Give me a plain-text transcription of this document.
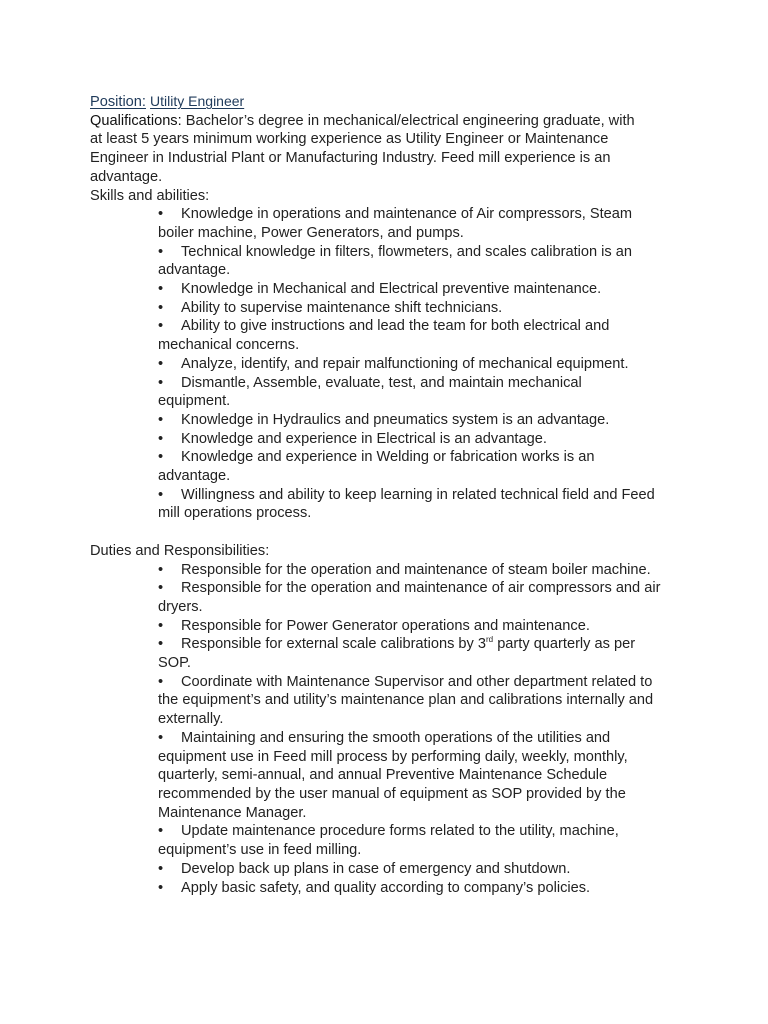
Position: Utility Engineer
Qualifications: Bachelor’s degree in mechanical/electrical engineering graduate, with
at least 5 years minimum working experience as Utility Engineer or Maintenance
Engineer in Industrial Plant or Manufacturing Industry. Feed mill experience is an
advantage.
Skills and abilities:
• Knowledge in operations and maintenance of Air compressors, Steam
boiler machine, Power Generators, and pumps.
• Technical knowledge in filters, flowmeters, and scales calibration is an
advantage.
• Knowledge in Mechanical and Electrical preventive maintenance.
• Ability to supervise maintenance shift technicians.
• Ability to give instructions and lead the team for both electrical and
mechanical concerns.
• Analyze, identify, and repair malfunctioning of mechanical equipment.
• Dismantle, Assemble, evaluate, test, and maintain mechanical
equipment.
• Knowledge in Hydraulics and pneumatics system is an advantage.
• Knowledge and experience in Electrical is an advantage.
• Knowledge and experience in Welding or fabrication works is an
advantage.
• Willingness and ability to keep learning in related technical field and Feed
mill operations process.
Duties and Responsibilities:
• Responsible for the operation and maintenance of steam boiler machine.
• Responsible for the operation and maintenance of air compressors and air
dryers.
• Responsible for Power Generator operations and maintenance.
• Responsible for external scale calibrations by 3rd party quarterly as per
SOP.
• Coordinate with Maintenance Supervisor and other department related to
the equipment’s and utility’s maintenance plan and calibrations internally and
externally.
• Maintaining and ensuring the smooth operations of the utilities and
equipment use in Feed mill process by performing daily, weekly, monthly,
quarterly, semi-annual, and annual Preventive Maintenance Schedule
recommended by the user manual of equipment as SOP provided by the
Maintenance Manager.
• Update maintenance procedure forms related to the utility, machine,
equipment’s use in feed milling.
• Develop back up plans in case of emergency and shutdown.
• Apply basic safety, and quality according to company’s policies.
